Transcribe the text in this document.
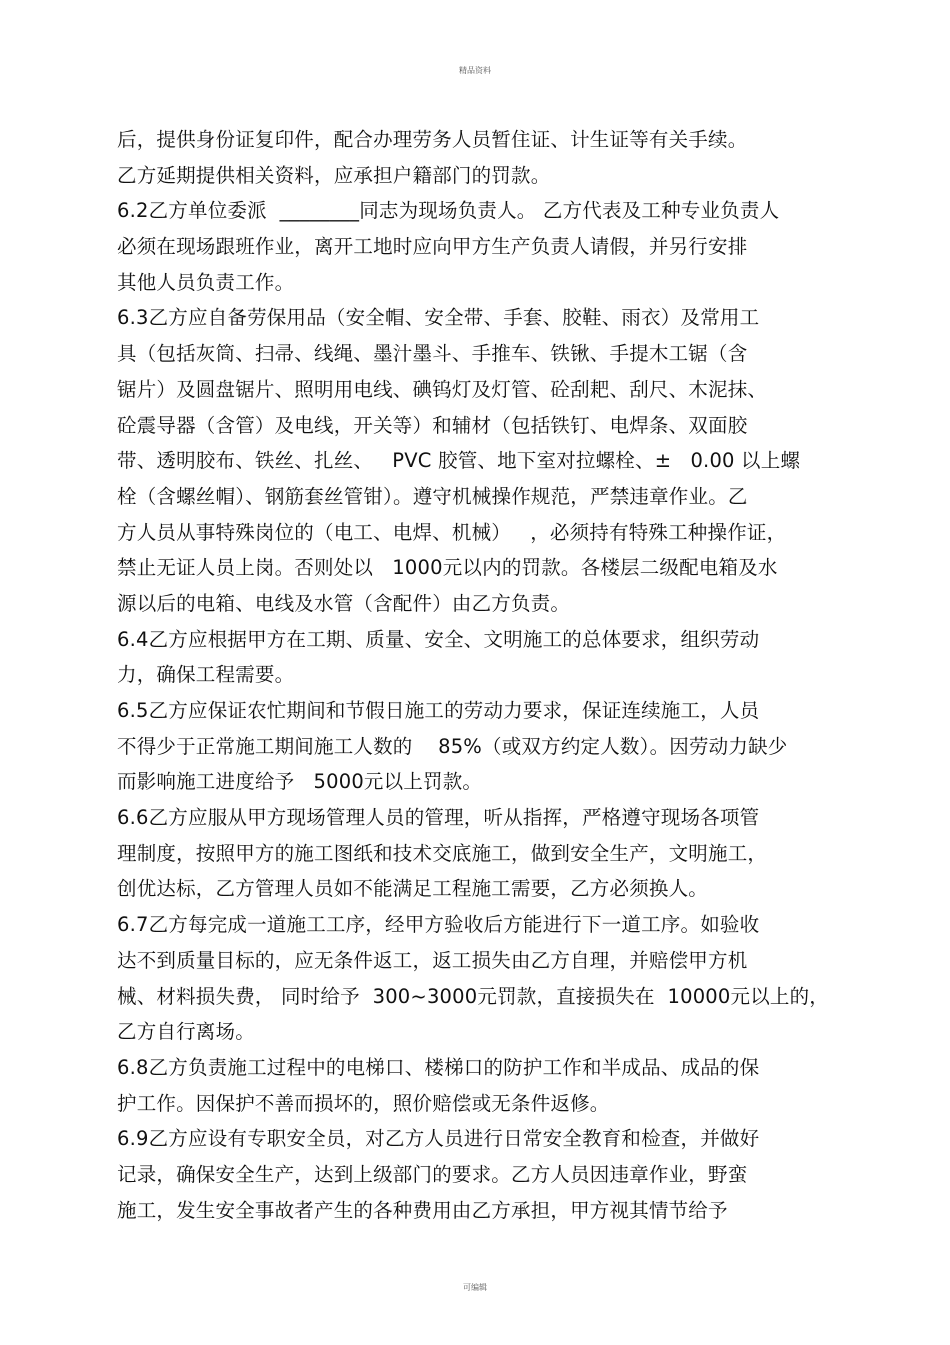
精品资料
后，提供身份证复印件，配合办理劳务人员暂住证、计生证等有关手续。
乙方延期提供相关资料，应承担户籍部门的罚款。
6.2乙方单位委派  ________同志为现场负责人。 乙方代表及工种专业负责人
必须在现场跟班作业，离开工地时应向甲方生产负责人请假，并另行安排
其他人员负责工作。
6.3乙方应自备劳保用品（安全帽、安全带、手套、胶鞋、雨衣）及常用工
具（包括灰筒、扫帚、线绳、墨汁墨斗、手推车、铁锹、手提木工锯（含
锯片）及圆盘锯片、照明用电线、碘钨灯及灯管、砼刮耙、刮尺、木泥抹、
砼震导器（含管）及电线，开关等）和辅材（包括铁钉、电焊条、双面胶
带、透明胶布、铁丝、扎丝、   PVC 胶管、地下室对拉螺栓、±   0.00 以上螺
栓（含螺丝帽）、钢筋套丝管钳）。遵守机械操作规范，严禁违章作业。乙
方人员从事特殊岗位的（电工、电焊、机械）   ，必须持有特殊工种操作证，
禁止无证人员上岗。否则处以   1000元以内的罚款。各楼层二级配电箱及水
源以后的电箱、电线及水管（含配件）由乙方负责。
6.4乙方应根据甲方在工期、质量、安全、文明施工的总体要求，组织劳动
力，确保工程需要。
6.5乙方应保证农忙期间和节假日施工的劳动力要求，保证连续施工，人员
不得少于正常施工期间施工人数的    85%（或双方约定人数）。因劳动力缺少
而影响施工进度给予   5000元以上罚款。
6.6乙方应服从甲方现场管理人员的管理，听从指挥，严格遵守现场各项管
理制度，按照甲方的施工图纸和技术交底施工，做到安全生产，文明施工，
创优达标，乙方管理人员如不能满足工程施工需要，乙方必须换人。
6.7乙方每完成一道施工工序，经甲方验收后方能进行下一道工序。如验收
达不到质量目标的，应无条件返工，返工损失由乙方自理，并赔偿甲方机
械、材料损失费， 同时给予  300~3000元罚款，直接损失在  10000元以上的，
乙方自行离场。
6.8乙方负责施工过程中的电梯口、楼梯口的防护工作和半成品、成品的保
护工作。因保护不善而损坏的，照价赔偿或无条件返修。
6.9乙方应设有专职安全员，对乙方人员进行日常安全教育和检查，并做好
记录，确保安全生产，达到上级部门的要求。乙方人员因违章作业，野蛮
施工，发生安全事故者产生的各种费用由乙方承担，甲方视其情节给予
可编辑
